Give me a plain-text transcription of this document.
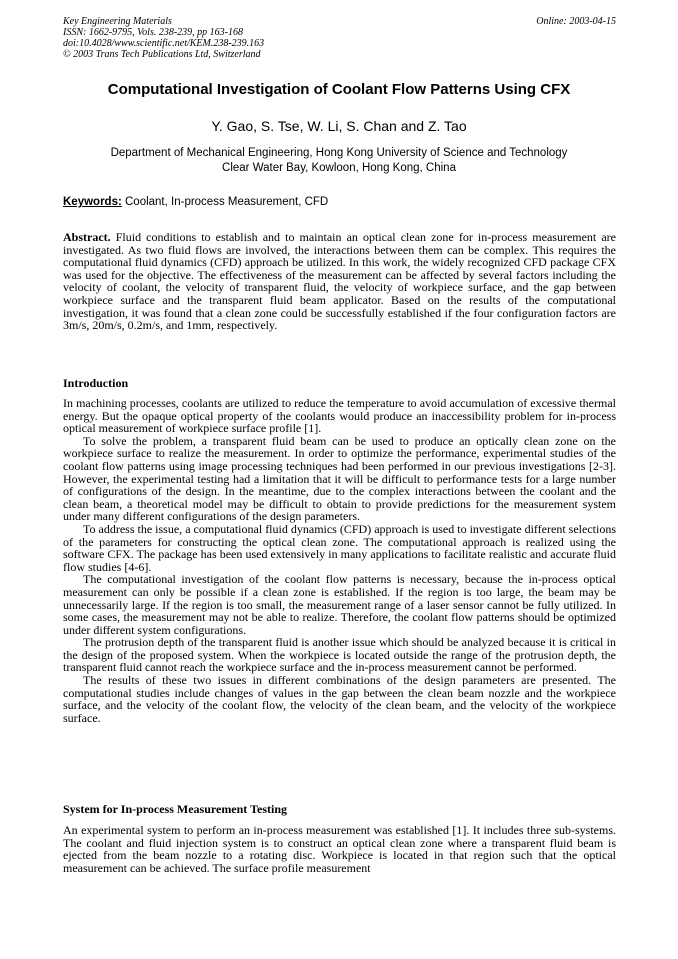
Key Engineering Materials
ISSN: 1662-9795, Vols. 238-239, pp 163-168
doi:10.4028/www.scientific.net/KEM.238-239.163
© 2003 Trans Tech Publications Ltd, Switzerland
Online: 2003-04-15
Computational Investigation of Coolant Flow Patterns Using CFX
Y. Gao, S. Tse, W. Li, S. Chan and Z. Tao
Department of Mechanical Engineering, Hong Kong University of Science and Technology
Clear Water Bay, Kowloon, Hong Kong, China
Keywords: Coolant, In-process Measurement, CFD

Abstract. Fluid conditions to establish and to maintain an optical clean zone for in-process measurement are investigated. As two fluid flows are involved, the interactions between them can be complex. This requires the computational fluid dynamics (CFD) approach be utilized. In this work, the widely recognized CFD package CFX was used for the objective. The effectiveness of the measurement can be affected by several factors including the velocity of coolant, the velocity of transparent fluid, the velocity of workpiece surface, and the gap between workpiece surface and the transparent fluid beam applicator. Based on the results of the computational investigation, it was found that a clean zone could be successfully established if the four configuration factors are 3m/s, 20m/s, 0.2m/s, and 1mm, respectively.

Introduction

In machining processes, coolants are utilized to reduce the temperature to avoid accumulation of excessive thermal energy. But the opaque optical property of the coolants would produce an inaccessibility problem for in-process optical measurement of workpiece surface profile [1].

To solve the problem, a transparent fluid beam can be used to produce an optically clean zone on the workpiece surface to realize the measurement. In order to optimize the performance, experimental studies of the coolant flow patterns using image processing techniques had been performed in our previous investigations [2-3]. However, the experimental testing had a limitation that it will be difficult to performance tests for a large number of configurations of the design. In the meantime, due to the complex interactions between the coolant and the clean beam, a theoretical model may be difficult to obtain to provide predictions for the measurement system under many different configurations of the design parameters.

To address the issue, a computational fluid dynamics (CFD) approach is used to investigate different selections of the parameters for constructing the optical clean zone. The computational approach is realized using the software CFX. The package has been used extensively in many applications to facilitate realistic and accurate fluid flow studies [4-6].

The computational investigation of the coolant flow patterns is necessary, because the in-process optical measurement can only be possible if a clean zone is established. If the region is too large, the beam may be unnecessarily large. If the region is too small, the measurement range of a laser sensor cannot be fully utilized. In some cases, the measurement may not be able to realize. Therefore, the coolant flow patterns should be optimized under different system configurations.

The protrusion depth of the transparent fluid is another issue which should be analyzed because it is critical in the design of the proposed system. When the workpiece is located outside the range of the protrusion depth, the transparent fluid cannot reach the workpiece surface and the in-process measurement cannot be performed.

The results of these two issues in different combinations of the design parameters are presented. The computational studies include changes of values in the gap between the clean beam nozzle and the workpiece surface, and the velocity of the coolant flow, the velocity of the clean beam, and the velocity of the workpiece surface.

System for In-process Measurement Testing

An experimental system to perform an in-process measurement was established [1]. It includes three sub-systems. The coolant and fluid injection system is to construct an optical clean zone where a transparent fluid beam is ejected from the beam nozzle to a rotating disc. Workpiece is located in that region such that the optical measurement can be achieved. The surface profile measurement
